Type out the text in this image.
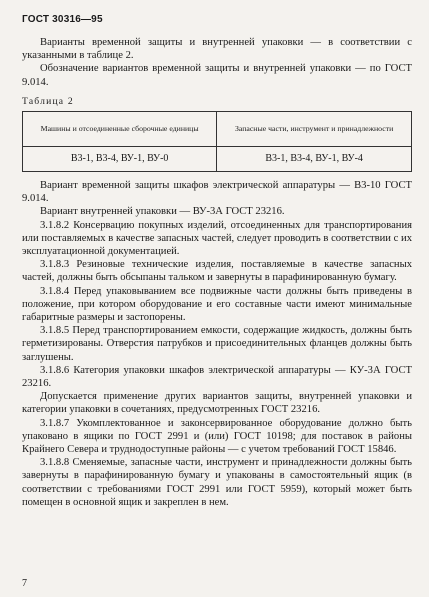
ГОСТ 30316—95

Варианты временной защиты и внутренней упаковки — в соответствии с указанными в таблице 2.

Обозначение вариантов временной защиты и внутренней упаковки — по ГОСТ 9.014.

Таблица 2
Машины и отсоединенные сборочные единицы	Запасные части, инструмент и принадлежности
В3-1, В3-4, ВУ-1, ВУ-0	В3-1, В3-4, ВУ-1, ВУ-4

Вариант временной защиты шкафов электрической аппаратуры — В3-10 ГОСТ 9.014.

Вариант внутренней упаковки — ВУ-3А ГОСТ 23216.

3.1.8.2 Консервацию покупных изделий, отсоединенных для транспортирования или поставляемых в качестве запасных частей, следует проводить в соответствии с их эксплуатационной документацией.

3.1.8.3 Резиновые технические изделия, поставляемые в качестве запасных частей, должны быть обсыпаны тальком и завернуты в парафинированную бумагу.

3.1.8.4 Перед упаковыванием все подвижные части должны быть приведены в положение, при котором оборудование и его составные части имеют минимальные габаритные размеры и застопорены.

3.1.8.5 Перед транспортированием емкости, содержащие жидкость, должны быть герметизированы. Отверстия патрубков и присоединительных фланцев должны быть заглушены.

3.1.8.6 Категория упаковки шкафов электрической аппаратуры — КУ-3А ГОСТ 23216.

Допускается применение других вариантов защиты, внутренней упаковки и категории упаковки в сочетаниях, предусмотренных ГОСТ 23216.

3.1.8.7 Укомплектованное и законсервированное оборудование должно быть упаковано в ящики по ГОСТ 2991 и (или) ГОСТ 10198; для поставок в районы Крайнего Севера и труднодоступные районы — с учетом требований ГОСТ 15846.

3.1.8.8 Сменяемые, запасные части, инструмент и принадлежности должны быть завернуты в парафинированную бумагу и упакованы в самостоятельный ящик (в соответствии с требованиями ГОСТ 2991 или ГОСТ 5959), который может быть помещен в основной ящик и закреплен в нем.

7
